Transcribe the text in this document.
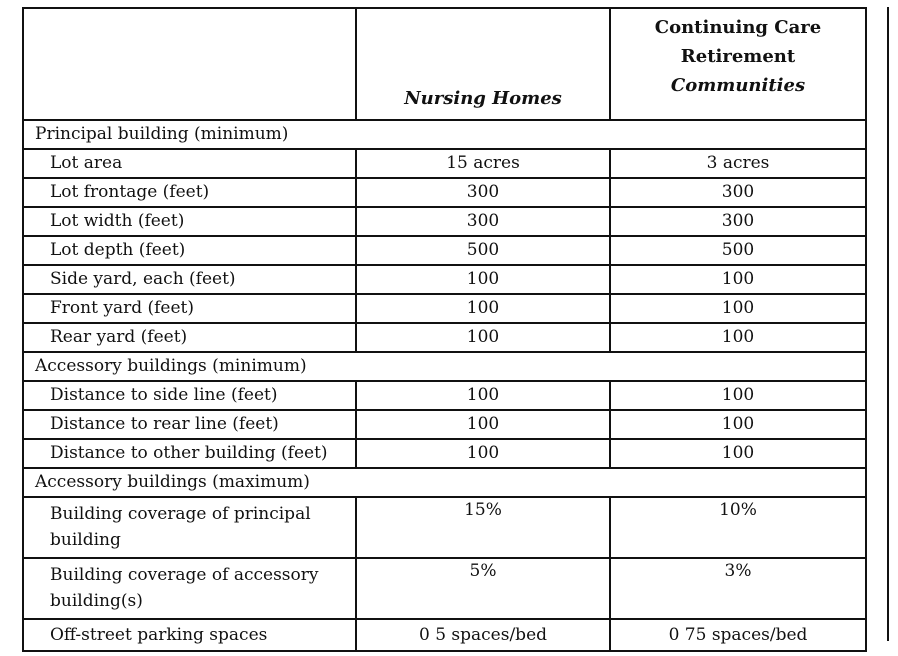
	Nursing Homes	Continuing Care
Retirement
Communities
Principal building (minimum)		
Lot area	15 acres	3 acres
Lot frontage (feet)	300	300
Lot width (feet)	300	300
Lot depth (feet)	500	500
Side yard, each (feet)	100	100
Front yard (feet)	100	100
Rear yard (feet)	100	100
Accessory buildings (minimum)		
Distance to side line (feet)	100	100
Distance to rear line (feet)	100	100
Distance to other building (feet)	100	100
Accessory buildings (maximum)		
Building coverage of principal building	15%	10%
Building coverage of accessory building(s)	5%	3%
Off-street parking spaces	0 5 spaces/bed	0 75 spaces/bed
